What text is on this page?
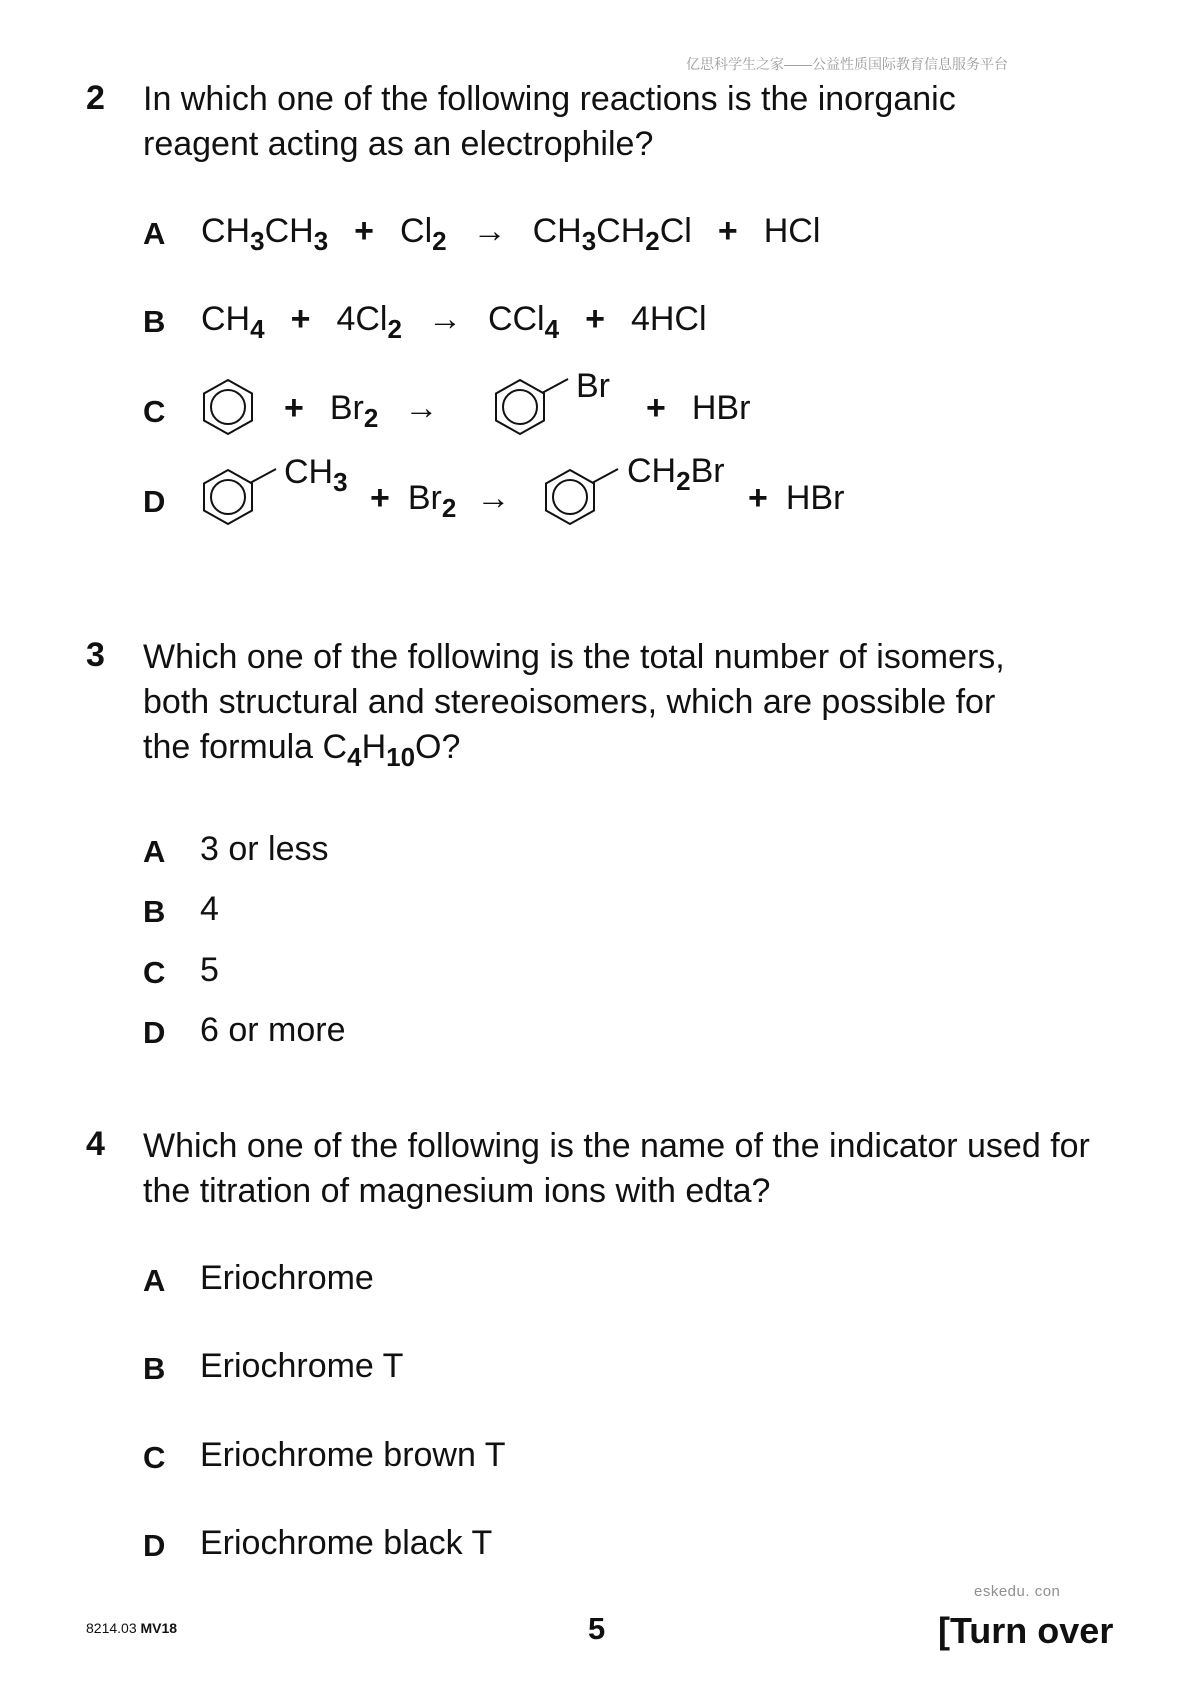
亿思科学生之家——公益性质国际教育信息服务平台
2 In which one of the following reactions is the inorganic reagent acting as an electrophile?
A $CH_3CH_3 + Cl_2 \to CH_3CH_2Cl$ + HCl
B $CH_4 + 4Cl_2 \to CCl_4 + 4HCl$
C	+ $Br_2$ →
Br
+ HBr
D
$CH_3 + Br_2$ →
$CH_2Br$
+ HBr
3 Which one of the following is the total number of isomers,
both structural and stereoisomers, which are possible for
the formula $C_4H_{10}O$?
A 3 or less
B 4
C 5
D 6 or more
4 Which one of the following is the name of the indicator used for the titration of magnesium ions with edta?
A Eriochrome
B Eriochrome T
C Eriochrome brown T
D Eriochrome black T
eskedu. con
8214.03 MV18	5	[Turn over
